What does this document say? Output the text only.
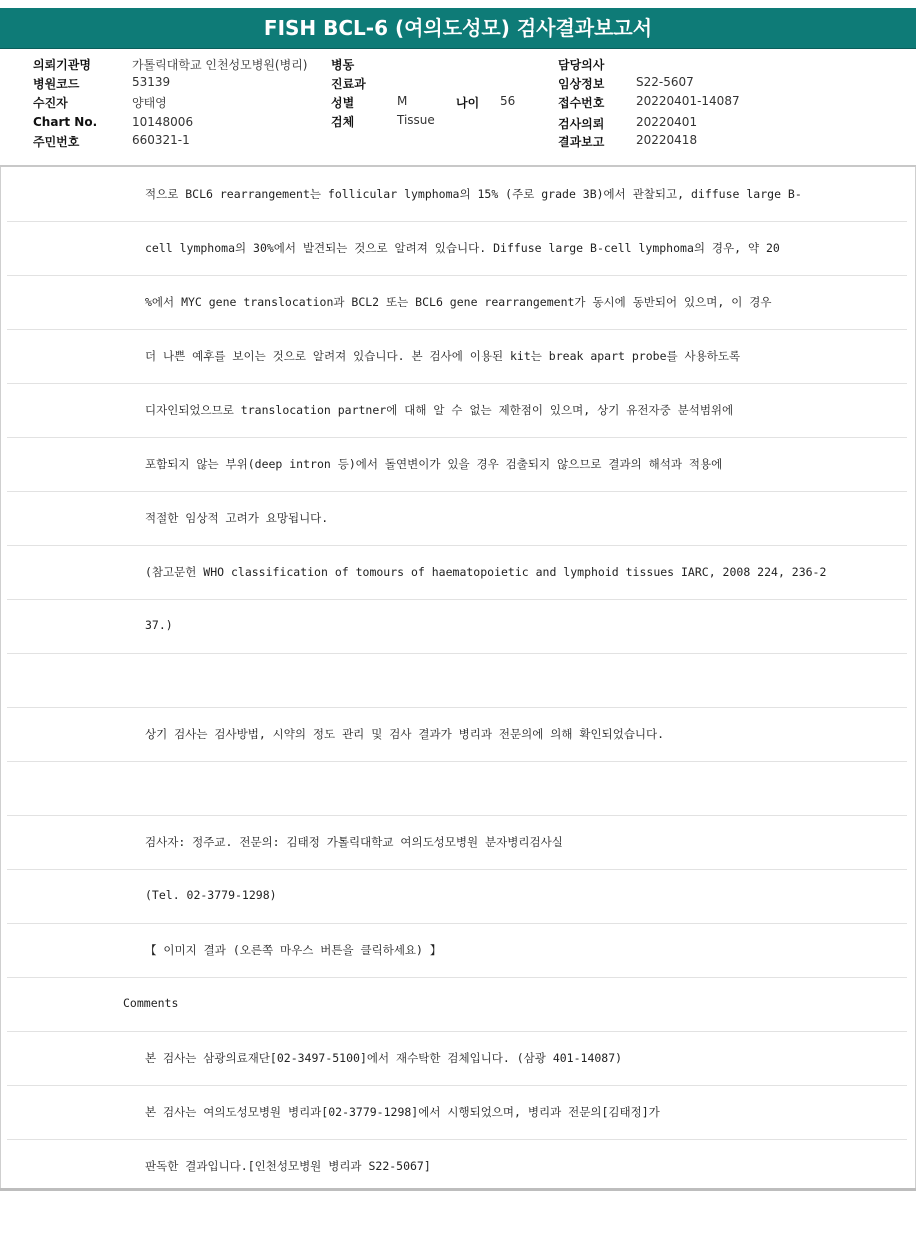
FISH BCL-6 (여의도성모) 검사결과보고서
의뢰기관명	가톨릭대학교 인천성모병원(병리)
병원코드	53139
수진자	양태영
Chart No.	10148006
주민번호	660321-1
병동
진료과
성별	M	나이 56
검체	Tissue
담당의사
임상정보	S22-5607
접수번호	20220401-14087
검사의뢰	20220401
결과보고	20220418
적으로 BCL6 rearrangement는 follicular lymphoma의 15% (주로 grade 3B)에서 관찰되고, diffuse large B-
cell lymphoma의 30%에서 발견되는 것으로 알려져 있습니다. Diffuse large B-cell lymphoma의 경우, 약 20
%에서 MYC gene translocation과 BCL2 또는 BCL6 gene rearrangement가 동시에 동반되어 있으며, 이 경우
더 나쁜 예후를 보이는 것으로 알려져 있습니다. 본 검사에 이용된 kit는 break apart probe를 사용하도록
디자인되었으므로 translocation partner에 대해 알 수 없는 제한점이 있으며, 상기 유전자중 분석범위에
포함되지 않는 부위(deep intron 등)에서 돌연변이가 있을 경우 검출되지 않으므로 결과의 해석과 적용에
적절한 임상적 고려가 요망됩니다.
(참고문헌 WHO classification of tomours of haematopoietic and lymphoid tissues IARC, 2008 224, 236-2
37.)
상기 검사는 검사방법, 시약의 정도 관리 및 검사 결과가 병리과 전문의에 의해 확인되었습니다.
검사자: 정주교. 전문의: 김태정 가톨릭대학교 여의도성모병원 분자병리검사실
(Tel. 02-3779-1298)
【 이미지 결과 (오른쪽 마우스 버튼을 클릭하세요) 】
Comments
본 검사는 삼광의료재단[02-3497-5100]에서 재수탁한 검체입니다. (삼광 401-14087)
본 검사는 여의도성모병원 병리과[02-3779-1298]에서 시행되었으며, 병리과 전문의[김태정]가
판독한 결과입니다.[인천성모병원 병리과 S22-5067]
